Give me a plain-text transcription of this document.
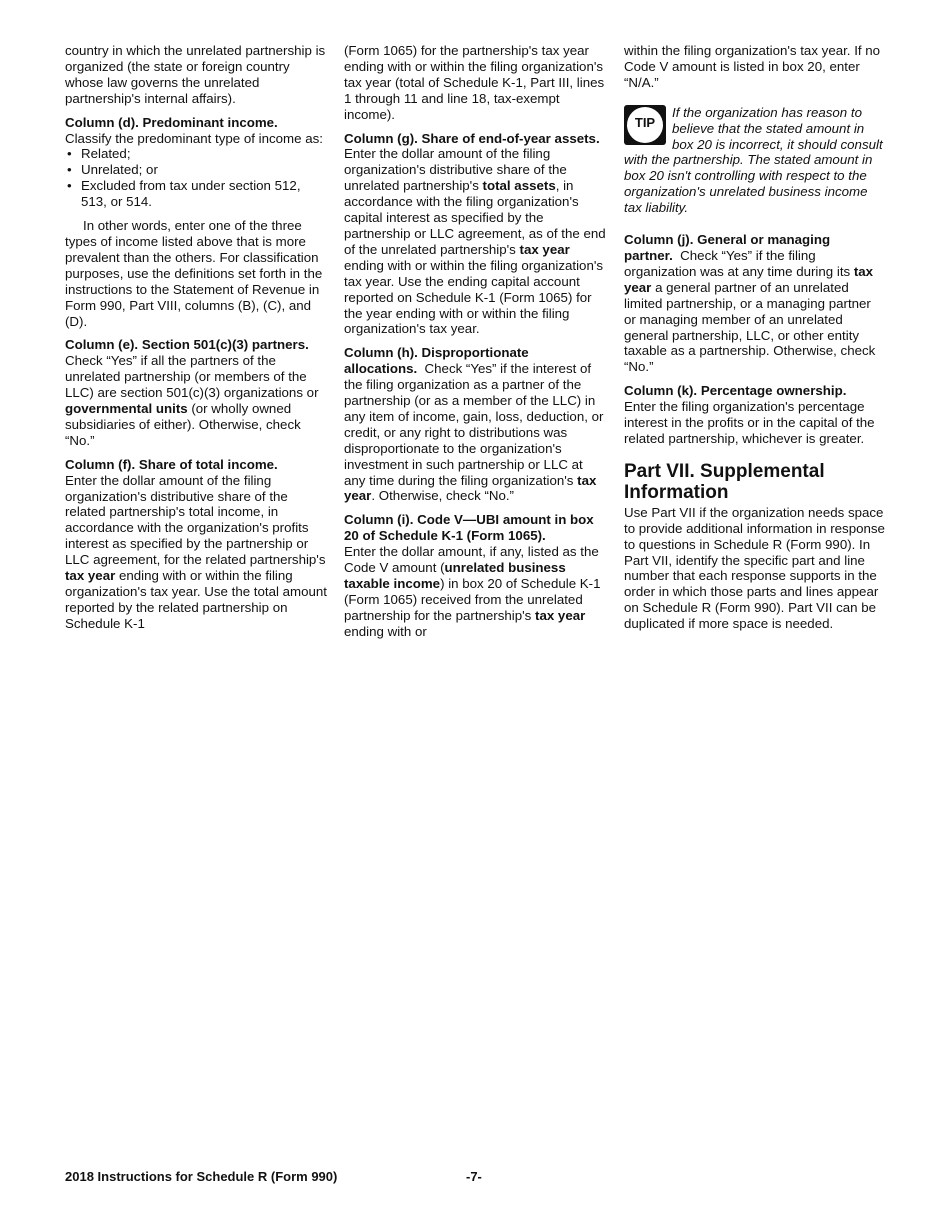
country in which the unrelated partnership is organized (the state or foreign country whose law governs the unrelated partnership's internal affairs).

Column (d). Predominant income.
Classify the predominant type of income as:

• Related;
• Unrelated; or
• Excluded from tax under section 512, 513, or 514.

In other words, enter one of the three types of income listed above that is more prevalent than the others. For classification purposes, use the definitions set forth in the instructions to the Statement of Revenue in Form 990, Part VIII, columns (B), (C), and (D).

Column (e). Section 501(c)(3) partners.  Check “Yes” if all the partners of the unrelated partnership (or members of the LLC) are section 501(c)(3) organizations or governmental units (or wholly owned subsidiaries of either). Otherwise, check “No.”

Column (f). Share of total income.
Enter the dollar amount of the filing organization's distributive share of the related partnership's total income, in accordance with the organization's profits interest as specified by the partnership or LLC agreement, for the related partnership's tax year ending with or within the filing organization's tax year. Use the total amount reported by the related partnership on Schedule K-1

(Form 1065) for the partnership's tax year ending with or within the filing organization's tax year (total of Schedule K-1, Part III, lines 1 through 11 and line 18, tax-exempt income).

Column (g). Share of end-of-year assets.  Enter the dollar amount of the filing organization's distributive share of the unrelated partnership's total assets, in accordance with the filing organization's capital interest as specified by the partnership or LLC agreement, as of the end of the unrelated partnership's tax year ending with or within the filing organization's tax year. Use the ending capital account reported on Schedule K-1 (Form 1065) for the year ending with or within the filing organization's tax year.

Column (h). Disproportionate allocations. Check “Yes” if the interest of the filing organization as a partner of the partnership (or as a member of the LLC) in any item of income, gain, loss, deduction, or credit, or any right to distributions was disproportionate to the organization's investment in such partnership or LLC at any time during the filing organization's tax year. Otherwise, check “No.”

Column (i). Code V—UBI amount in box 20 of Schedule K-1 (Form 1065).
Enter the dollar amount, if any, listed as the Code V amount (unrelated business taxable income) in box 20 of Schedule K-1 (Form 1065) received from the unrelated partnership for the partnership's tax year ending with or

within the filing organization's tax year. If no Code V amount is listed in box 20, enter “N/A.”

TIP
If the organization has reason to believe that the stated amount in box 20 is incorrect, it should consult with the partnership. The stated amount in box 20 isn't controlling with respect to the organization's unrelated business income tax liability.

Column (j). General or managing partner. Check “Yes” if the filing organization was at any time during its tax year a general partner of an unrelated limited partnership, or a managing partner or managing member of an unrelated general partnership, LLC, or other entity taxable as a partnership. Otherwise, check “No.”

Column (k). Percentage ownership.
Enter the filing organization's percentage interest in the profits or in the capital of the related partnership, whichever is greater.

Part VII. Supplemental Information

Use Part VII if the organization needs space to provide additional information in response to questions in Schedule R (Form 990). In Part VII, identify the specific part and line number that each response supports in the order in which those parts and lines appear on Schedule R (Form 990). Part VII can be duplicated if more space is needed.

2018 Instructions for Schedule R (Form 990)	-7-
